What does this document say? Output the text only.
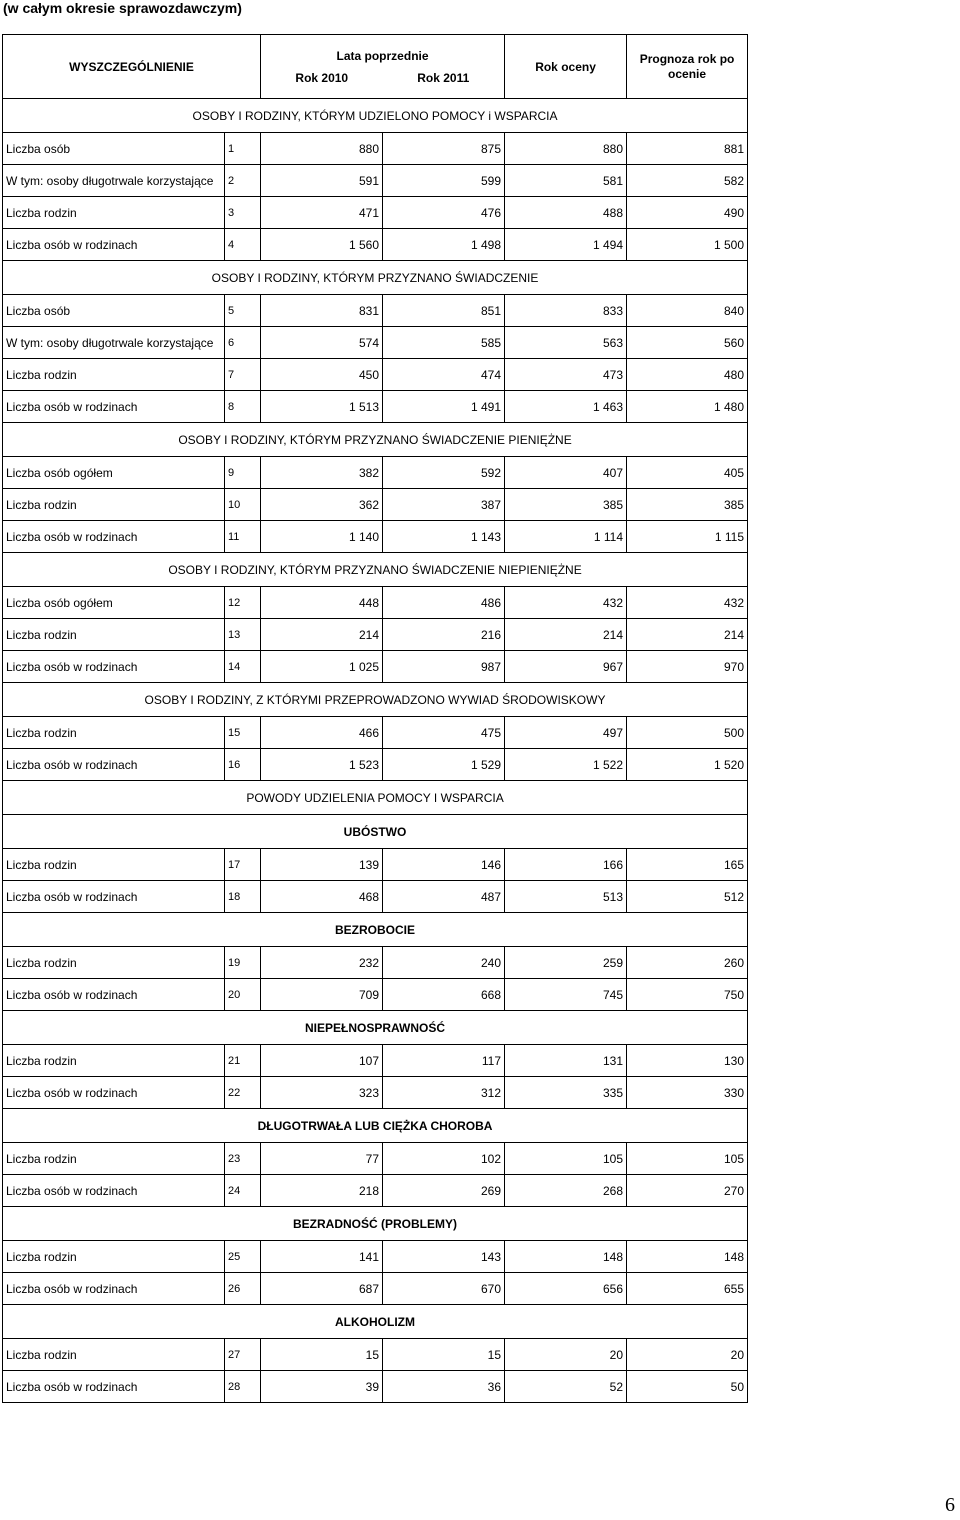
(w całym okresie sprawozdawczym)
WYSZCZEGÓLNIENIE		Lata poprzednie		Rok oceny	Prognoza rok po ocenie
		Rok 2010	Rok 2011		
OSOBY I RODZINY, KTÓRYM UDZIELONO POMOCY i WSPARCIA					
Liczba osób	1	880	875	880	881
W tym: osoby długotrwale korzystające	2	591	599	581	582
Liczba rodzin	3	471	476	488	490
Liczba osób w rodzinach	4	1 560	1 498	1 494	1 500
OSOBY I RODZINY, KTÓRYM PRZYZNANO ŚWIADCZENIE					
Liczba osób	5	831	851	833	840
W tym: osoby długotrwale korzystające	6	574	585	563	560
Liczba rodzin	7	450	474	473	480
Liczba osób w rodzinach	8	1 513	1 491	1 463	1 480
OSOBY I RODZINY, KTÓRYM PRZYZNANO ŚWIADCZENIE PIENIĘŻNE					
Liczba osób ogółem	9	382	592	407	405
Liczba rodzin	10	362	387	385	385
Liczba osób w rodzinach	11	1 140	1 143	1 114	1 115
OSOBY I RODZINY, KTÓRYM PRZYZNANO ŚWIADCZENIE NIEPIENIĘŻNE					
Liczba osób ogółem	12	448	486	432	432
Liczba rodzin	13	214	216	214	214
Liczba osób w rodzinach	14	1 025	987	967	970
OSOBY I RODZINY, Z KTÓRYMI PRZEPROWADZONO WYWIAD ŚRODOWISKOWY					
Liczba rodzin	15	466	475	497	500
Liczba osób w rodzinach	16	1 523	1 529	1 522	1 520
POWODY UDZIELENIA POMOCY I WSPARCIA					
UBÓSTWO					
Liczba rodzin	17	139	146	166	165
Liczba osób w rodzinach	18	468	487	513	512
BEZROBOCIE					
Liczba rodzin	19	232	240	259	260
Liczba osób w rodzinach	20	709	668	745	750
NIEPEŁNOSPRAWNOŚĆ					
Liczba rodzin	21	107	117	131	130
Liczba osób w rodzinach	22	323	312	335	330
DŁUGOTRWAŁA LUB CIĘŻKA CHOROBA					
Liczba rodzin	23	77	102	105	105
Liczba osób w rodzinach	24	218	269	268	270
BEZRADNOŚĆ (PROBLEMY)					
Liczba rodzin	25	141	143	148	148
Liczba osób w rodzinach	26	687	670	656	655
ALKOHOLIZM					
Liczba rodzin	27	15	15	20	20
Liczba osób w rodzinach	28	39	36	52	50
6
